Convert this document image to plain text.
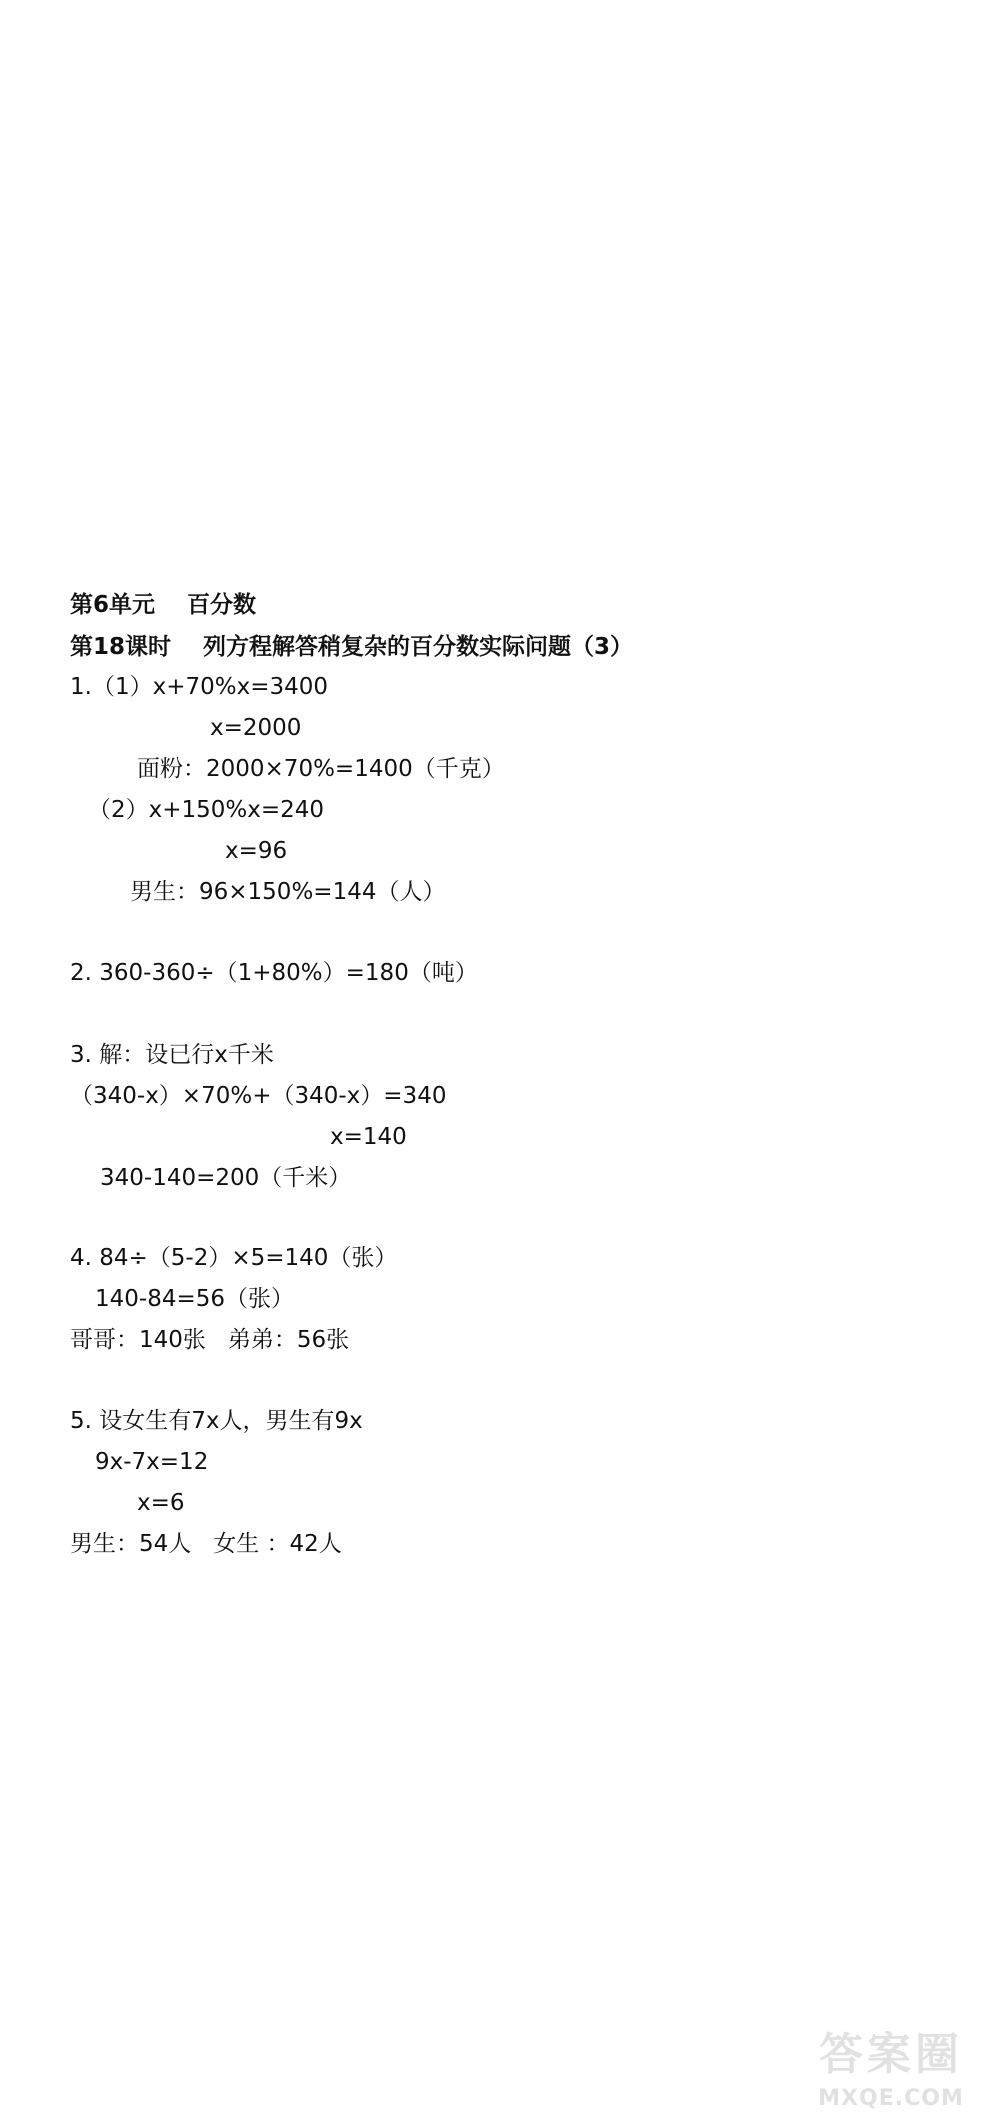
第6单元    百分数
第18课时    列方程解答稍复杂的百分数实际问题（3）
1.（1）x+70%x=3400
x=2000
面粉：2000×70%=1400（千克）
（2）x+150%x=240
x=96
男生：96×150%=144（人）
2. 360-360÷（1+80%）=180（吨）
3. 解：设已行x千米
（340-x）×70%+（340-x）=340
x=140
340-140=200（千米）
4. 84÷（5-2）×5=140（张）
140-84=56（张）
哥哥：140张   弟弟：56张
5. 设女生有7x人，男生有9x
9x-7x=12
x=6
男生：54人   女生 ：42人
答案圈
MXQE.COM
